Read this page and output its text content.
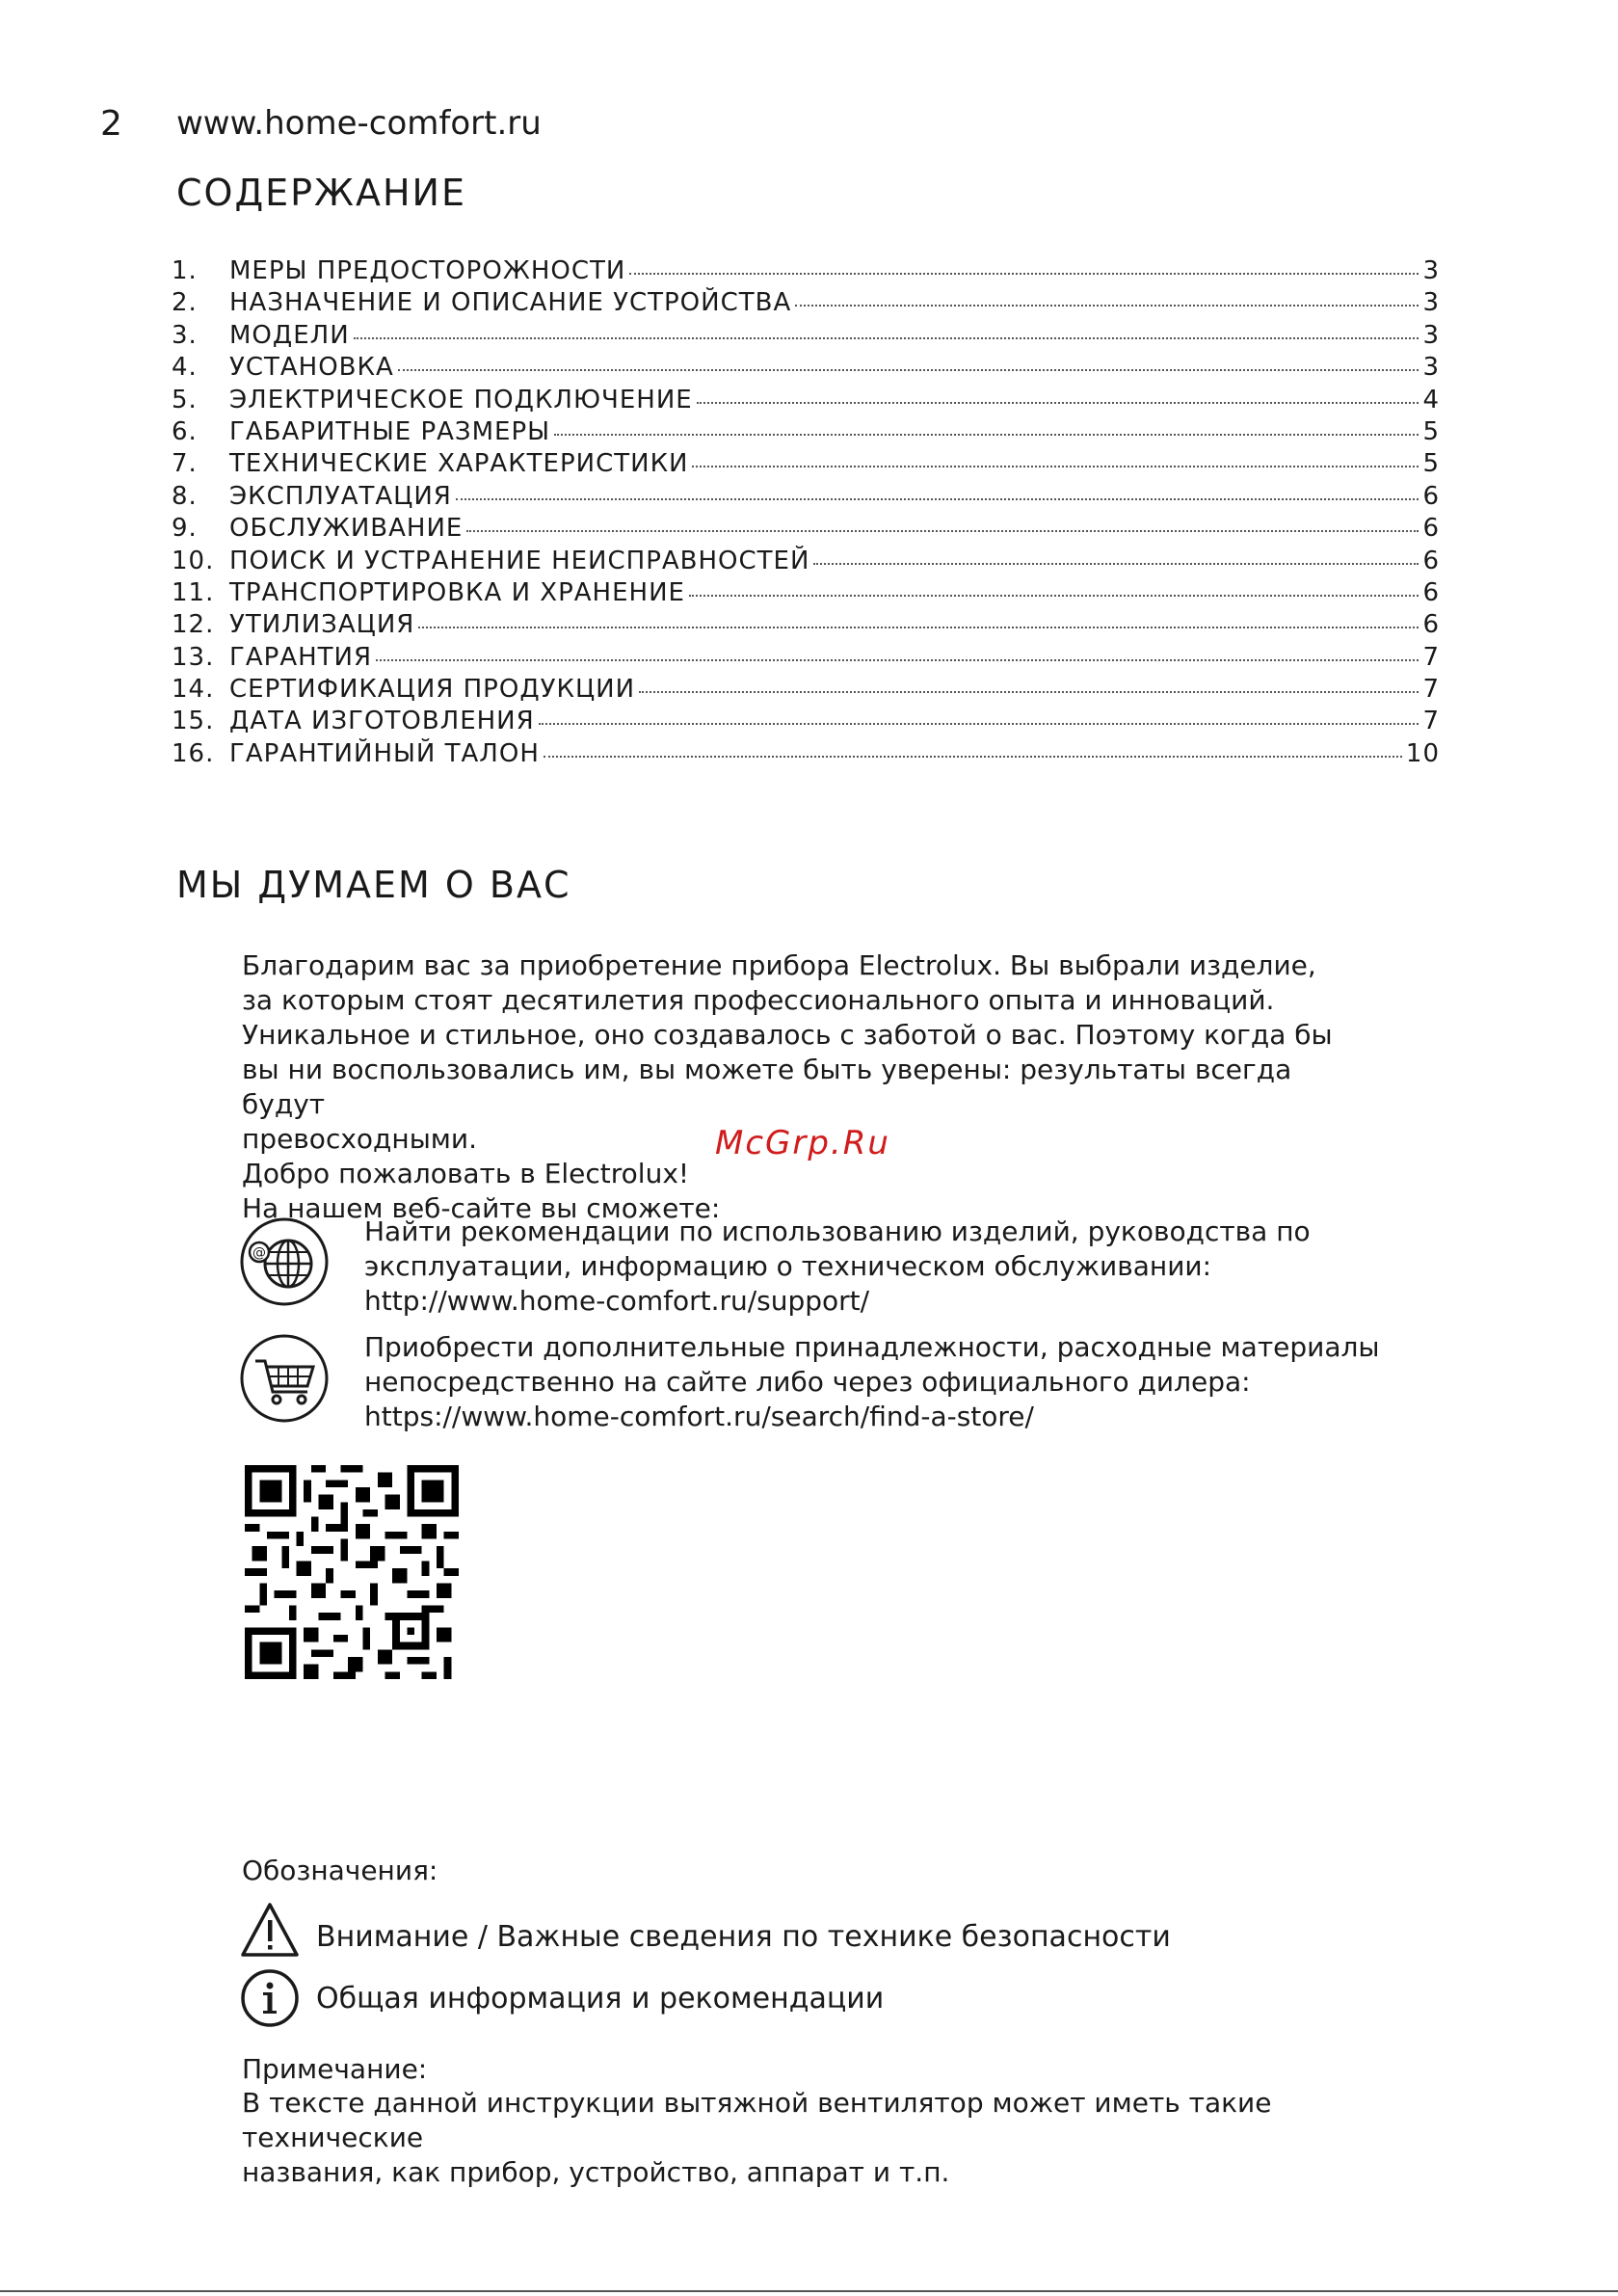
2 www.home-comfort.ru
СОДЕРЖАНИЕ
1.	МЕРЫ ПРЕДОСТОРОЖНОСТИ	3
2.	НАЗНАЧЕНИЕ И ОПИСАНИЕ УСТРОЙСТВА	3
3.	МОДЕЛИ	3
4.	УСТАНОВКА	3
5.	ЭЛЕКТРИЧЕСКОЕ ПОДКЛЮЧЕНИЕ	4
6.	ГАБАРИТНЫЕ РАЗМЕРЫ	5
7.	ТЕХНИЧЕСКИЕ ХАРАКТЕРИСТИКИ	5
8.	ЭКСПЛУАТАЦИЯ	6
9.	ОБСЛУЖИВАНИЕ	6
10. ПОИСК И УСТРАНЕНИЕ НЕИСПРАВНОСТЕЙ	6
11. ТРАНСПОРТИРОВКА И ХРАНЕНИЕ	6
12. УТИЛИЗАЦИЯ	6
13. ГАРАНТИЯ	7
14. СЕРТИФИКАЦИЯ ПРОДУКЦИИ	7
15. ДАТА ИЗГОТОВЛЕНИЯ	7
16. ГАРАНТИЙНЫЙ ТАЛОН	10
МЫ ДУМАЕМ О ВАС

Благодарим вас за приобретение прибора Electrolux. Вы выбрали изделие,

за которым стоят десятилетия профессионального опыта и инноваций.

Уникальное и стильное, оно создавалось с заботой о вас. Поэтому когда бы

вы ни воспользовались им, вы можете быть уверены: результаты всегда будут

превосходными.

Добро пожаловать в Electrolux!

На нашем веб-сайте вы сможете:

McGrp.Ru
@

Найти рекомендации по использованию изделий, руководства по

эксплуатации, информацию о техническом обслуживании:

http://www.home-comfort.ru/support/

Приобрести дополнительные принадлежности, расходные материалы

непосредственно на сайте либо через официального дилера:

https://www.home-comfort.ru/search/find-a-store/

Обозначения:
Внимание / Важные сведения по технике безопасности
Общая информация и рекомендации
Примечание:
В тексте данной инструкции вытяжной вентилятор может иметь такие технические
названия, как прибор, устройство, аппарат и т.п.
